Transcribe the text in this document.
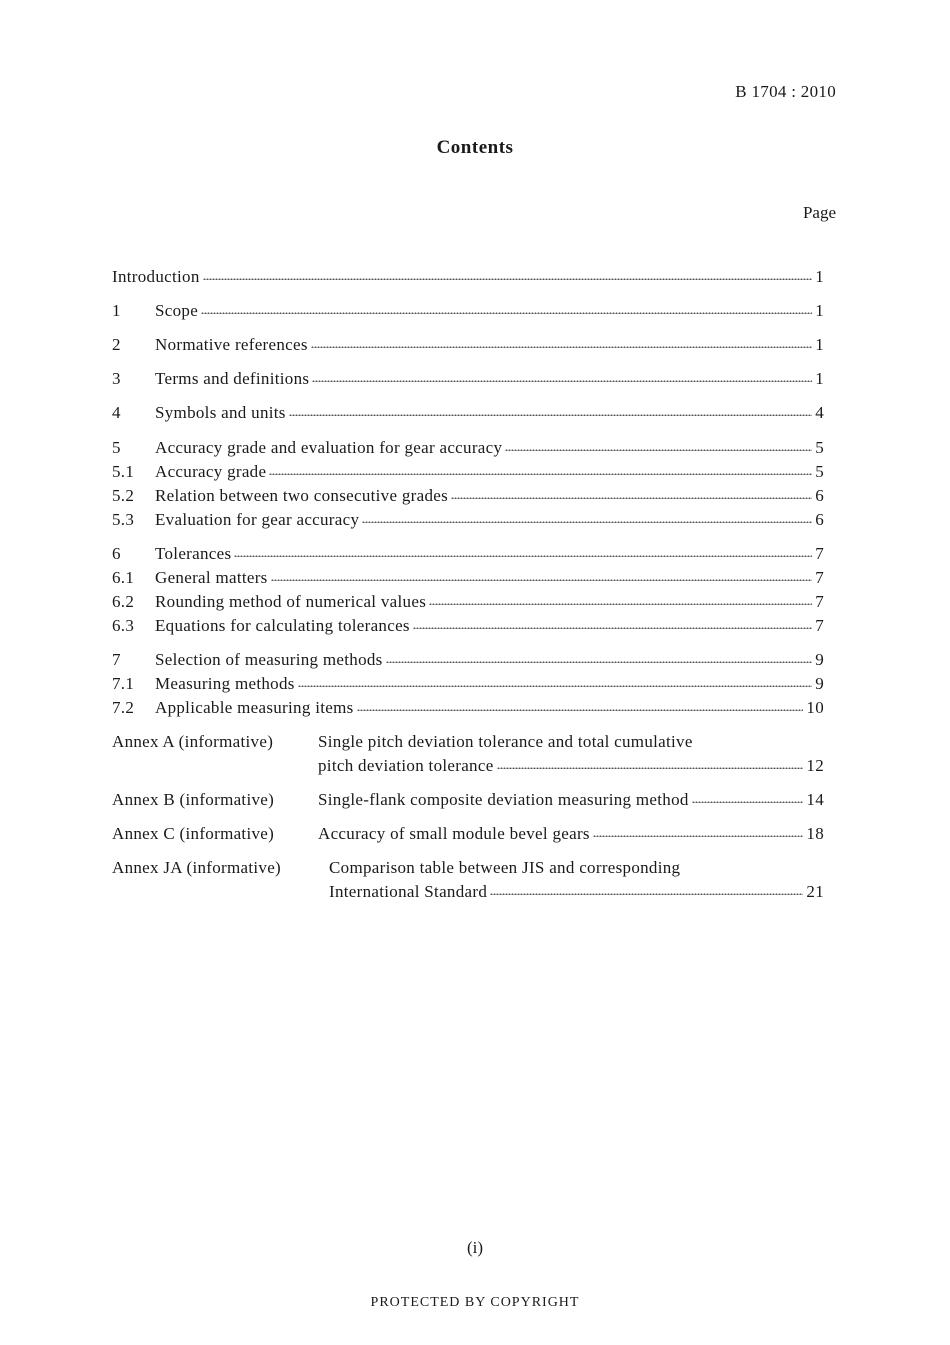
B 1704 : 2010
Contents
Page
Introduction	1
1 Scope	1
2 Normative references	1
3 Terms and definitions	1
4 Symbols and units	4
5 Accuracy grade and evaluation for gear accuracy	5
5.1 Accuracy grade	5
5.2 Relation between two consecutive grades	6
5.3 Evaluation for gear accuracy	6
6 Tolerances	7
6.1 General matters	7
6.2 Rounding method of numerical values	7
6.3 Equations for calculating tolerances	7
7 Selection of measuring methods	9
7.1 Measuring methods	9
7.2 Applicable measuring items	10
Annex A (informative)	Single pitch deviation tolerance and total cumulative
pitch deviation tolerance	12
Annex B (informative)	Single-flank composite deviation measuring method	14
Annex C (informative)	Accuracy of small module bevel gears	18
Annex JA (informative)	Comparison table between JIS and corresponding
International Standard	21
(i)
PROTECTED BY COPYRIGHT
